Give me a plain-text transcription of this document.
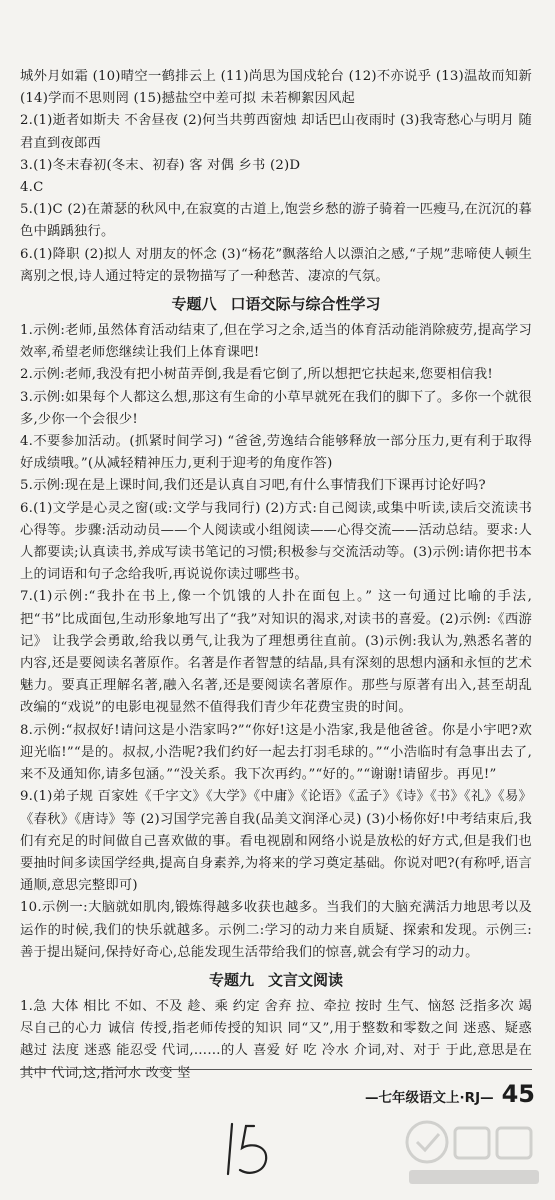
城外月如霜 (10)晴空一鹤排云上 (11)尚思为国戍轮台 (12)不亦说乎 (13)温故而知新 (14)学而不思则罔 (15)撼盐空中差可拟 未若柳絮因风起

2.(1)逝者如斯夫 不舍昼夜 (2)何当共剪西窗烛 却话巴山夜雨时 (3)我寄愁心与明月 随君直到夜郎西

3.(1)冬末春初(冬末、初春) 客 对偶 乡书 (2)D

4.C

5.(1)C (2)在萧瑟的秋风中,在寂寞的古道上,饱尝乡愁的游子骑着一匹瘦马,在沉沉的暮色中踽踽独行。

6.(1)降职 (2)拟人 对朋友的怀念 (3)“杨花”飘落给人以漂泊之感,“子规”悲啼使人顿生离别之恨,诗人通过特定的景物描写了一种愁苦、凄凉的气氛。

专题八 口语交际与综合性学习

1.示例:老师,虽然体育活动结束了,但在学习之余,适当的体育活动能消除疲劳,提高学习效率,希望老师您继续让我们上体育课吧!

2.示例:老师,我没有把小树苗弄倒,我是看它倒了,所以想把它扶起来,您要相信我!

3.示例:如果每个人都这么想,那这有生命的小草早就死在我们的脚下了。多你一个就很多,少你一个会很少!

4.不要参加活动。(抓紧时间学习) “爸爸,劳逸结合能够释放一部分压力,更有利于取得好成绩哦。”(从减轻精神压力,更利于迎考的角度作答)

5.示例:现在是上课时间,我们还是认真自习吧,有什么事情我们下课再讨论好吗?

6.(1)文学是心灵之窗(或:文学与我同行) (2)方式:自己阅读,或集中听读,读后交流读书心得等。步骤:活动动员——个人阅读或小组阅读——心得交流——活动总结。要求:人人都要读;认真读书,养成写读书笔记的习惯;积极参与交流活动等。(3)示例:请你把书本上的词语和句子念给我听,再说说你读过哪些书。

7.(1)示例:“我扑在书上,像一个饥饿的人扑在面包上。” 这一句通过比喻的手法,把“书”比成面包,生动形象地写出了“我”对知识的渴求,对读书的喜爱。(2)示例:《西游记》 让我学会勇敢,给我以勇气,让我为了理想勇往直前。(3)示例:我认为,熟悉名著的内容,还是要阅读名著原作。名著是作者智慧的结晶,具有深刻的思想内涵和永恒的艺术魅力。要真正理解名著,融入名著,还是要阅读名著原作。那些与原著有出入,甚至胡乱改编的“戏说”的电影电视显然不值得我们青少年花费宝贵的时间。

8.示例:“叔叔好!请问这是小浩家吗?”“你好!这是小浩家,我是他爸爸。你是小宇吧?欢迎光临!”“是的。叔叔,小浩呢?我们约好一起去打羽毛球的。”“小浩临时有急事出去了,来不及通知你,请多包涵。”“没关系。我下次再约。”“好的。”“谢谢!请留步。再见!”

9.(1)弟子规 百家姓《千字文》《大学》《中庸》《论语》《孟子》《诗》《书》《礼》《易》《春秋》《唐诗》等 (2)习国学完善自我(品美文润泽心灵) (3)小杨你好!中考结束后,我们有充足的时间做自己喜欢做的事。看电视剧和网络小说是放松的好方式,但是我们也要抽时间多读国学经典,提高自身素养,为将来的学习奠定基础。你说对吧?(有称呼,语言通顺,意思完整即可)

10.示例一:大脑就如肌肉,锻炼得越多收获也越多。当我们的大脑充满活力地思考以及运作的时候,我们的快乐就越多。示例二:学习的动力来自质疑、探索和发现。示例三:善于提出疑问,保持好奇心,总能发现生活带给我们的惊喜,就会有学习的动力。

专题九 文言文阅读

1.急 大体 相比 不如、不及 趁、乘 约定 舍弃 拉、牵拉 按时 生气、恼怒 泛指多次 竭尽自己的心力 诚信 传授,指老师传授的知识 同“又”,用于整数和零数之间 迷惑、疑惑 越过 法度 迷惑 能忍受 代词,……的人 喜爱 好 吃 冷水 介词,对、对于 于此,意思是在其中 代词,这,指河水 改变 坚

—七年级语文上·RJ— 45
